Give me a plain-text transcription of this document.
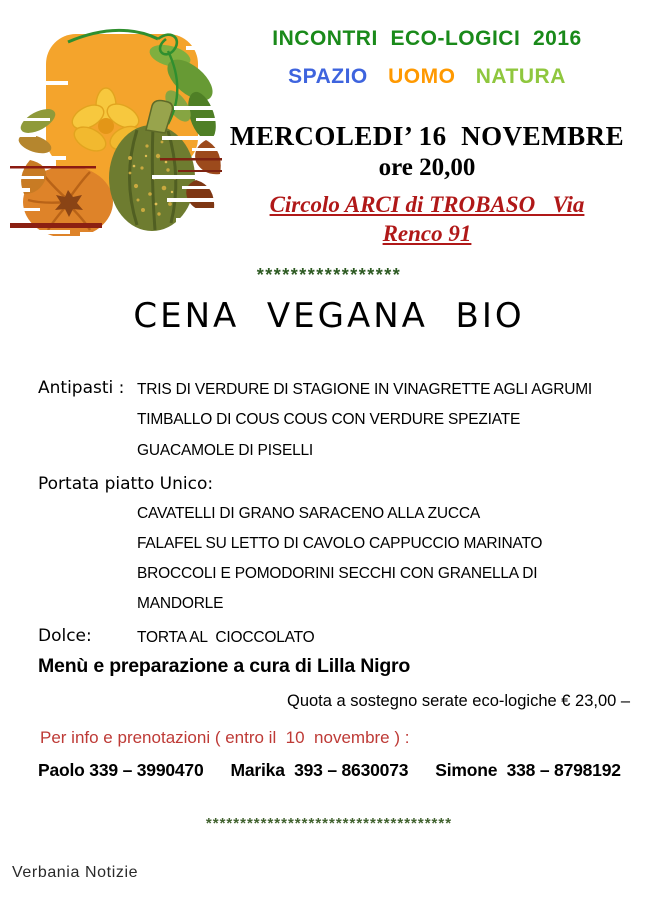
INCONTRI  ECO-LOGICI  2016
SPAZIO UOMO NATURA
MERCOLEDI’ 16  NOVEMBRE
ore 20,00
Circolo ARCI di TROBASO   Via
Renco 91
*****************
CENA  VEGANA  BIO
Antipasti : TRIS DI VERDURE DI STAGIONE IN VINAGRETTE AGLI AGRUMI
TIMBALLO DI COUS COUS CON VERDURE SPEZIATE
GUACAMOLE DI PISELLI
Portata piatto Unico:
CAVATELLI DI GRANO SARACENO ALLA ZUCCA
FALAFEL SU LETTO DI CAVOLO CAPPUCCIO MARINATO
BROCCOLI E POMODORINI SECCHI CON GRANELLA DI
MANDORLE
Dolce:	TORTA AL  CIOCCOLATO
Menù e preparazione a cura di Lilla Nigro
Quota a sostegno serate eco-logiche € 23,00 –
Per info e prenotazioni ( entro il  10  novembre ) :
Paolo 339 – 3990470 Marika  393 – 8630073 Simone  338 – 8798192
************************************
Verbania Notizie
